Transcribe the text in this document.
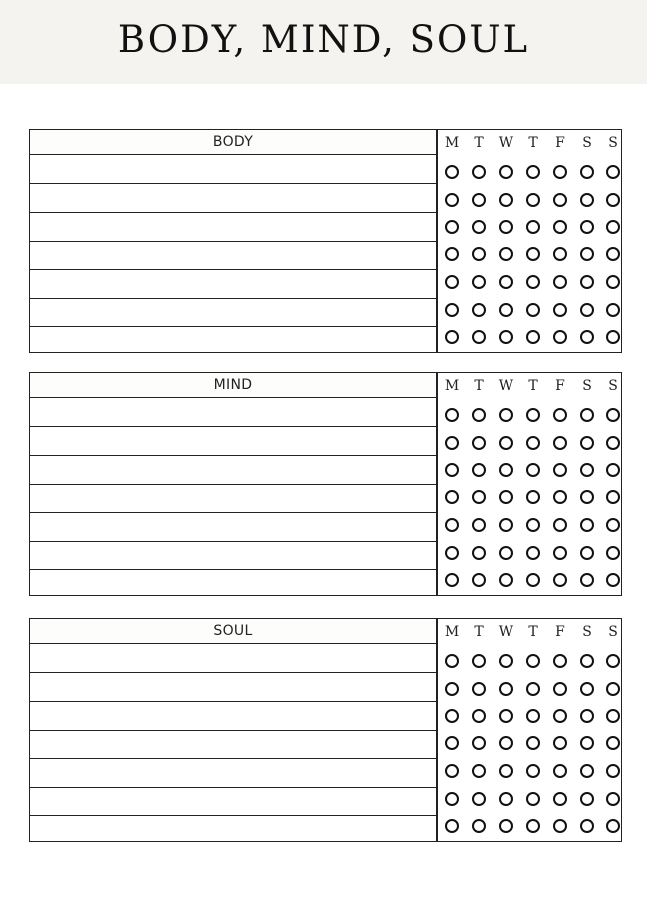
BODY, MIND, SOUL
BODY	M	T	W	T	F	S	S
MIND	M	T	W	T	F	S	S
SOUL	M	T	W	T	F	S	S
